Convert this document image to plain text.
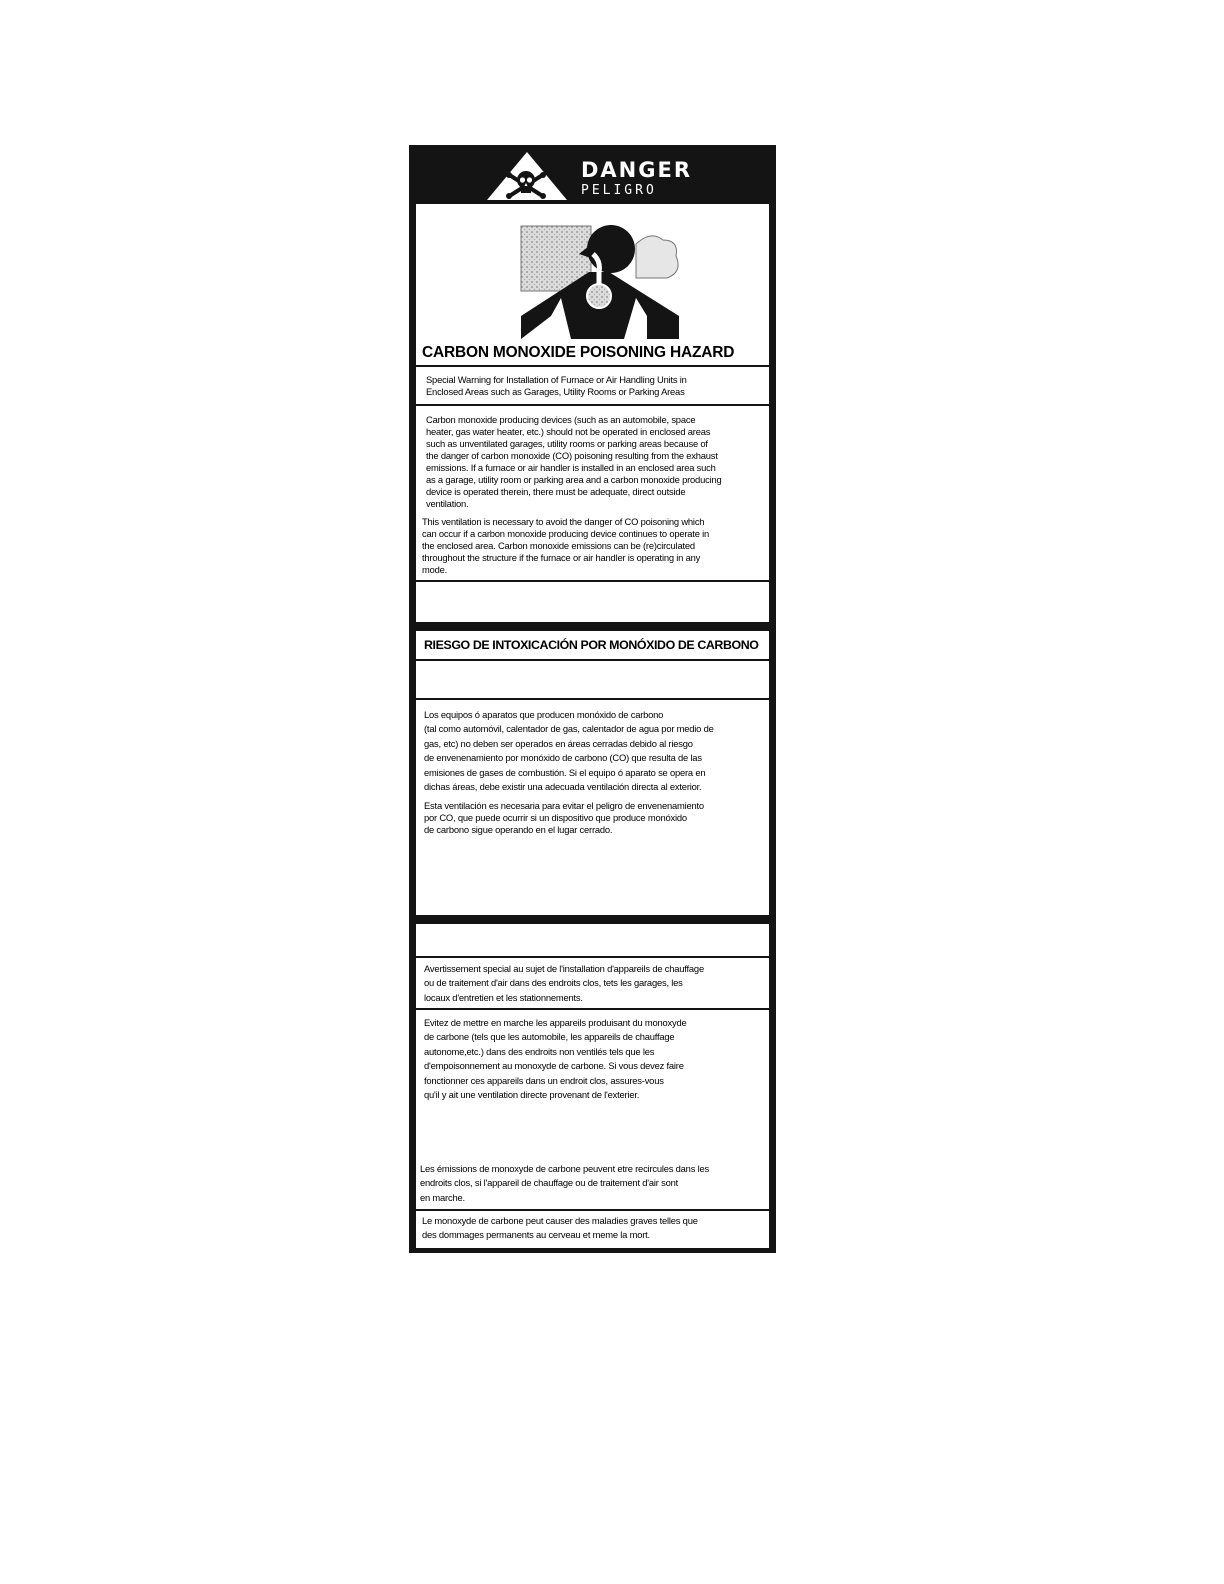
DANGER
PELIGRO
CARBON MONOXIDE POISONING HAZARD
Special Warning for Installation of Furnace or Air Handling Units in
Enclosed Areas such as Garages, Utility Rooms or Parking Areas
Carbon monoxide producing devices (such as an automobile, space
heater, gas water heater, etc.) should not be operated in enclosed areas
such as unventilated garages, utility rooms or parking areas because of
the danger of carbon monoxide (CO) poisoning resulting from the exhaust
emissions. If a furnace or air handler is installed in an enclosed area such
as a garage, utility room or parking area and a carbon monoxide producing
device is operated therein, there must be adequate, direct outside
ventilation.
This ventilation is necessary to avoid the danger of CO poisoning which
can occur if a carbon monoxide producing device continues to operate in
the enclosed area. Carbon monoxide emissions can be (re)circulated
throughout the structure if the furnace or air handler is operating in any
mode.
RIESGO DE INTOXICACIÓN POR MONÓXIDO DE CARBONO
Los equipos ó aparatos que producen monóxido de carbono
(tal como automóvil, calentador de gas, calentador de agua por medio de
gas, etc) no deben ser operados en áreas cerradas debido al riesgo
de envenenamiento por monóxido de carbono (CO) que resulta de las
emisiones de gases de combustión. Si el equipo ó aparato se opera en
dichas áreas, debe existir una adecuada ventilación directa al exterior.
Esta ventilación es necesaria para evitar el peligro de envenenamiento
por CO, que puede ocurrir si un dispositivo que produce monóxido
de carbono sigue operando en el lugar cerrado.
Avertissement special au sujet de l'installation d'appareils de chauffage
ou de traitement d'air dans des endroits clos, tets les garages, les
locaux d'entretien et les stationnements.
Evitez de mettre en marche les appareils produisant du monoxyde
de carbone (tels que les automobile, les appareils de chauffage
autonome,etc.) dans des endroits non ventilés tels que les
d'empoisonnement au monoxyde de carbone. Si vous devez faire
fonctionner ces appareils dans un endroit clos, assures-vous
qu'il y ait une ventilation directe provenant de l'exterier.
Les émissions de monoxyde de carbone peuvent etre recircules dans les
endroits clos, si l'appareil de chauffage ou de traitement d'air sont
en marche.
Le monoxyde de carbone peut causer des maladies graves telles que
des dommages permanents au cerveau et meme la mort.
